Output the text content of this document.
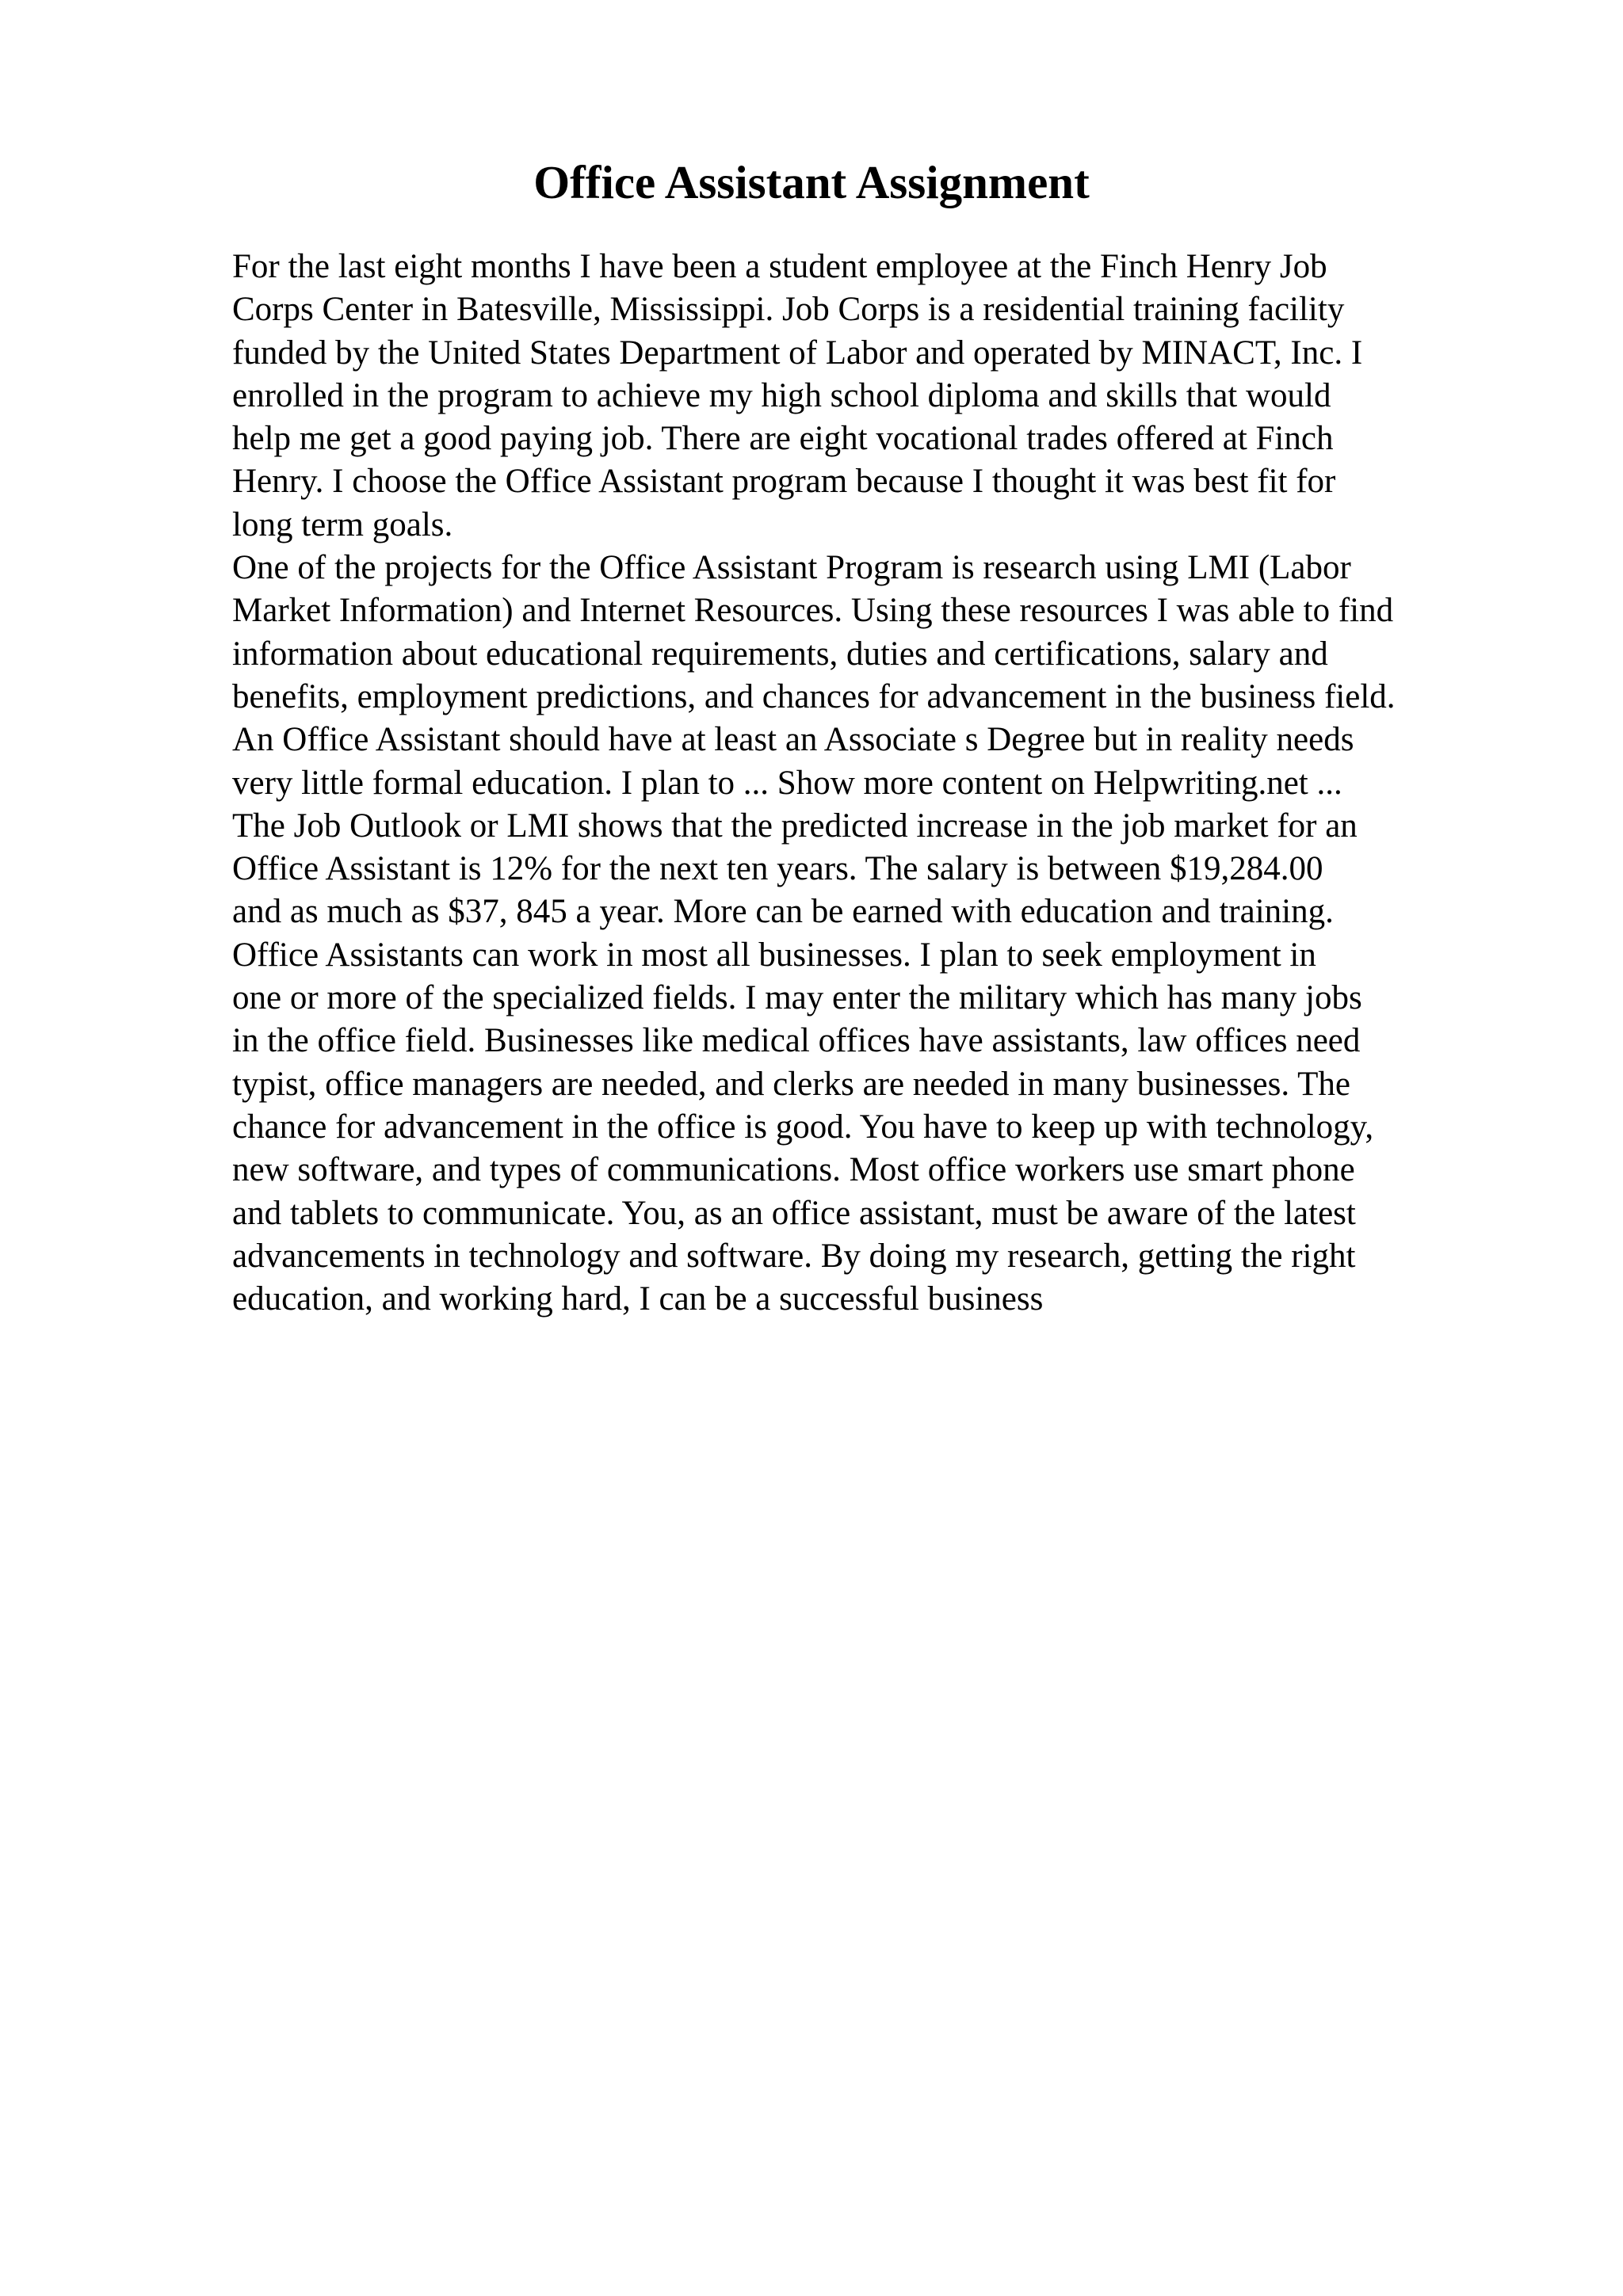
Office Assistant Assignment
For the last eight months I have been a student employee at the Finch Henry Job
Corps Center in Batesville, Mississippi. Job Corps is a residential training facility
funded by the United States Department of Labor and operated by MINACT, Inc. I
enrolled in the program to achieve my high school diploma and skills that would
help me get a good paying job. There are eight vocational trades offered at Finch
Henry. I choose the Office Assistant program because I thought it was best fit for
long term goals.
One of the projects for the Office Assistant Program is research using LMI (Labor
Market Information) and Internet Resources. Using these resources I was able to find
information about educational requirements, duties and certifications, salary and
benefits, employment predictions, and chances for advancement in the business field.
An Office Assistant should have at least an Associate s Degree but in reality needs
very little formal education. I plan to ... Show more content on Helpwriting.net ...
The Job Outlook or LMI shows that the predicted increase in the job market for an
Office Assistant is 12% for the next ten years. The salary is between $19,284.00
and as much as $37, 845 a year. More can be earned with education and training.
Office Assistants can work in most all businesses. I plan to seek employment in
one or more of the specialized fields. I may enter the military which has many jobs
in the office field. Businesses like medical offices have assistants, law offices need
typist, office managers are needed, and clerks are needed in many businesses. The
chance for advancement in the office is good. You have to keep up with technology,
new software, and types of communications. Most office workers use smart phone
and tablets to communicate. You, as an office assistant, must be aware of the latest
advancements in technology and software. By doing my research, getting the right
education, and working hard, I can be a successful business
